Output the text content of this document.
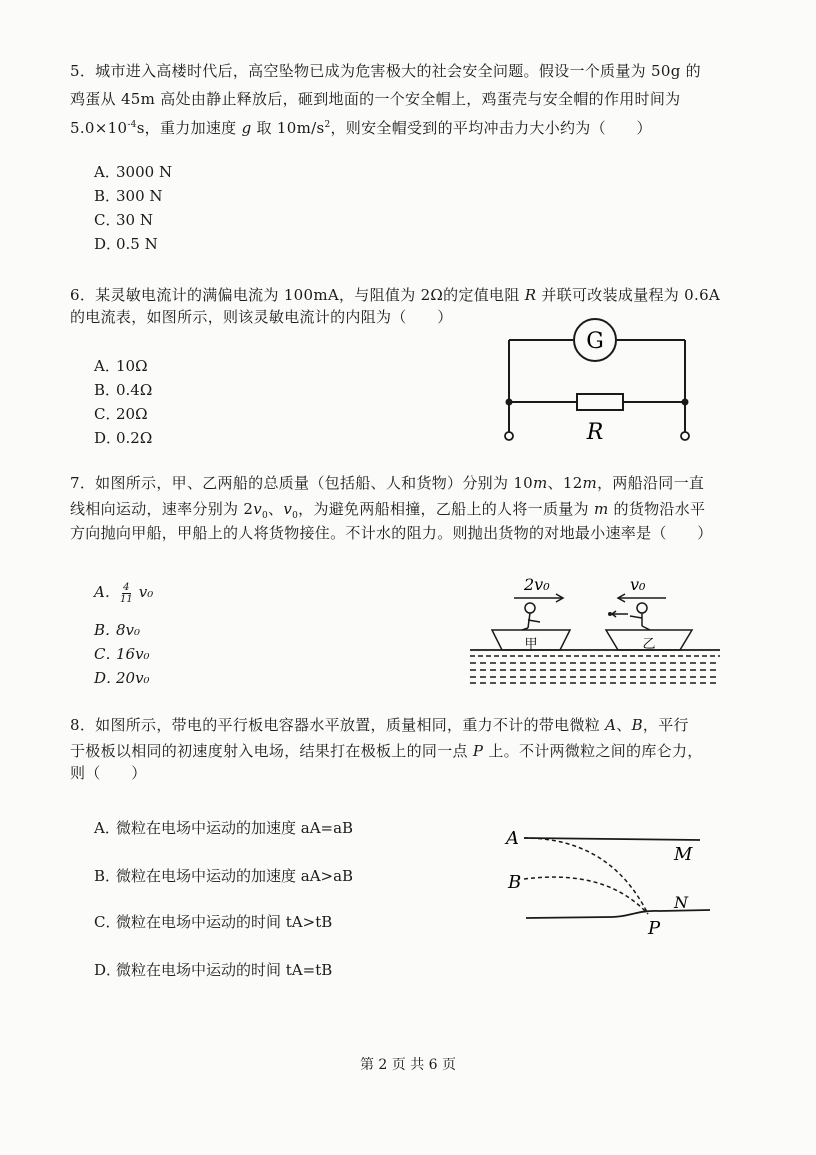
5．城市进入高楼时代后，高空坠物已成为危害极大的社会安全问题。假设一个质量为 50g 的
鸡蛋从 45m 高处由静止释放后，砸到地面的一个安全帽上，鸡蛋壳与安全帽的作用时间为
$5.0\times 10^{-4}s$，重力加速度 g 取 $10m/s^2$，则安全帽受到的平均冲击力大小约为（　　）
A．3000 N
B．300 N
C．30 N
D．0.5 N
6．某灵敏电流计的满偏电流为 100mA，与阻值为 2Ω的定值电阻 R 并联可改装成量程为 0.6A
的电流表，如图所示，则该灵敏电流计的内阻为（　　）
A．10Ω
B．0.4Ω
C．20Ω
D．0.2Ω
G
R
7．如图所示，甲、乙两船的总质量（包括船、人和货物）分别为 10m、12m，两船沿同一直
线相向运动，速率分别为 $2v_0$、$v_0$，为避免两船相撞，乙船上的人将一质量为 m 的货物沿水平
方向抛向甲船，甲船上的人将货物接住。不计水的阻力。则抛出货物的对地最小速率是（　　）
A． $\frac{4}{11} v_0$
B．8v₀
C．16v₀
D．20v₀
2v₀	v₀
甲	乙
8．如图所示，带电的平行板电容器水平放置，质量相同，重力不计的带电微粒 A、B，平行
于极板以相同的初速度射入电场，结果打在极板上的同一点 P 上。不计两微粒之间的库仑力，
则（　　）
A．微粒在电场中运动的加速度 aA=aB
B．微粒在电场中运动的加速度 aA>aB
C．微粒在电场中运动的时间 tA>tB
D．微粒在电场中运动的时间 tA=tB
A
B
M
N
P
第 2 页 共 6 页
